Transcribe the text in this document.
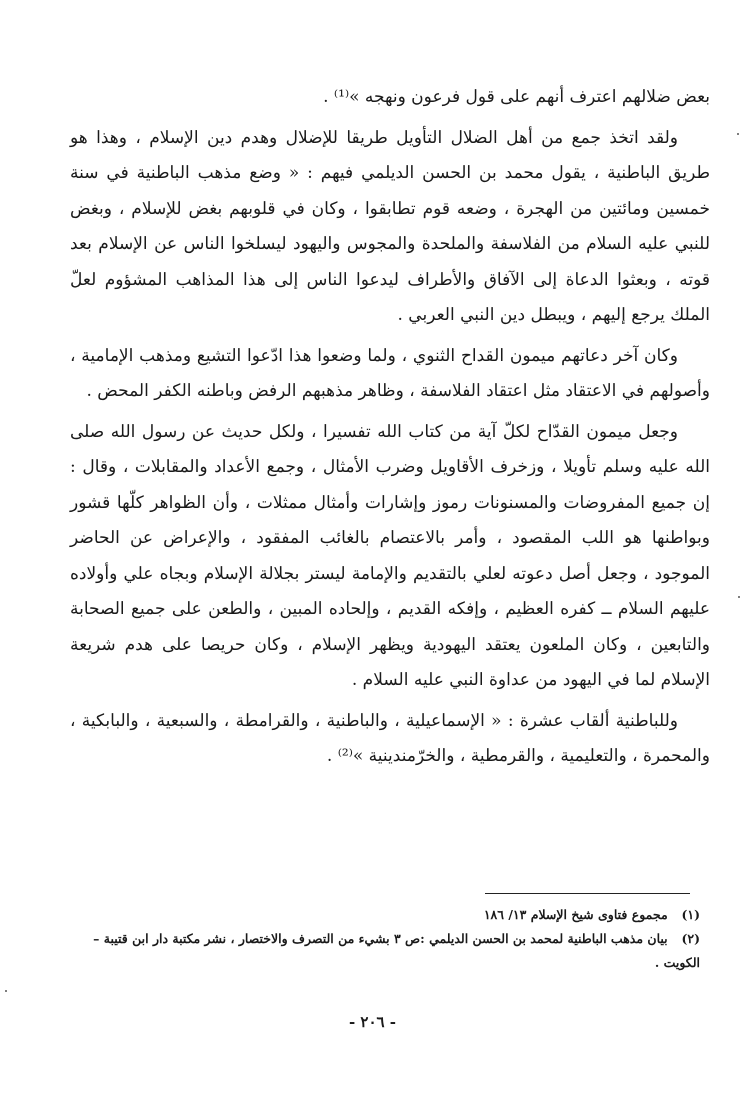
بعض ضلالهم اعترف أنهم على قول فرعون ونهجه »⁽¹⁾ .

ولقد اتخذ جمع من أهل الضلال التأويل طريقا للإضلال وهدم دين الإسلام ، وهذا هو طريق الباطنية ، يقول محمد بن الحسن الديلمي فيهم : « وضع مذهب الباطنية في سنة خمسين ومائتين من الهجرة ، وضعه قوم تطابقوا ، وكان في قلوبهم بغض للإسلام ، وبغض للنبي عليه السلام من الفلاسفة والملحدة والمجوس واليهود ليسلخوا الناس عن الإسلام بعد قوته ، وبعثوا الدعاة إلى الآفاق والأطراف ليدعوا الناس إلى هذا المذاهب المشؤوم لعلّ الملك يرجع إليهم ، ويبطل دين النبي العربي .

وكان آخر دعاتهم ميمون القداح الثنوي ، ولما وضعوا هذا ادّعوا التشيع ومذهب الإمامية ، وأصولهم في الاعتقاد مثل اعتقاد الفلاسفة ، وظاهر مذهبهم الرفض وباطنه الكفر المحض .

وجعل ميمون القدّاح لكلّ آية من كتاب الله تفسيرا ، ولكل حديث عن رسول الله صلى الله عليه وسلم تأويلا ، وزخرف الأقاويل وضرب الأمثال ، وجمع الأعداد والمقابلات ، وقال : إن جميع المفروضات والمسنونات رموز وإشارات وأمثال ممثلات ، وأن الظواهر كلّها قشور وبواطنها هو اللب المقصود ، وأمر بالاعتصام بالغائب المفقود ، والإعراض عن الحاضر الموجود ، وجعل أصل دعوته لعلي بالتقديم والإمامة ليستر بجلالة الإسلام وبجاه علي وأولاده عليهم السلام ــ كفره العظيم ، وإفكه القديم ، وإلحاده المبين ، والطعن على جميع الصحابة والتابعين ، وكان الملعون يعتقد اليهودية ويظهر الإسلام ، وكان حريصا على هدم شريعة الإسلام لما في اليهود من عداوة النبي عليه السلام .

وللباطنية ألقاب عشرة : « الإسماعيلية ، والباطنية ، والقرامطة ، والسبعية ، والبابكية ، والمحمرة ، والتعليمية ، والقرمطية ، والخرّمندينية »⁽²⁾ .

(١) مجموع فتاوى شيخ الإسلام ١٣/ ١٨٦

(٢) بيان مذهب الباطنية لمحمد بن الحسن الديلمي :ص ٣ بشيء من التصرف والاختصار ، نشر مكتبة دار ابن قتيبة – الكويت .

- ٢٠٦ -
